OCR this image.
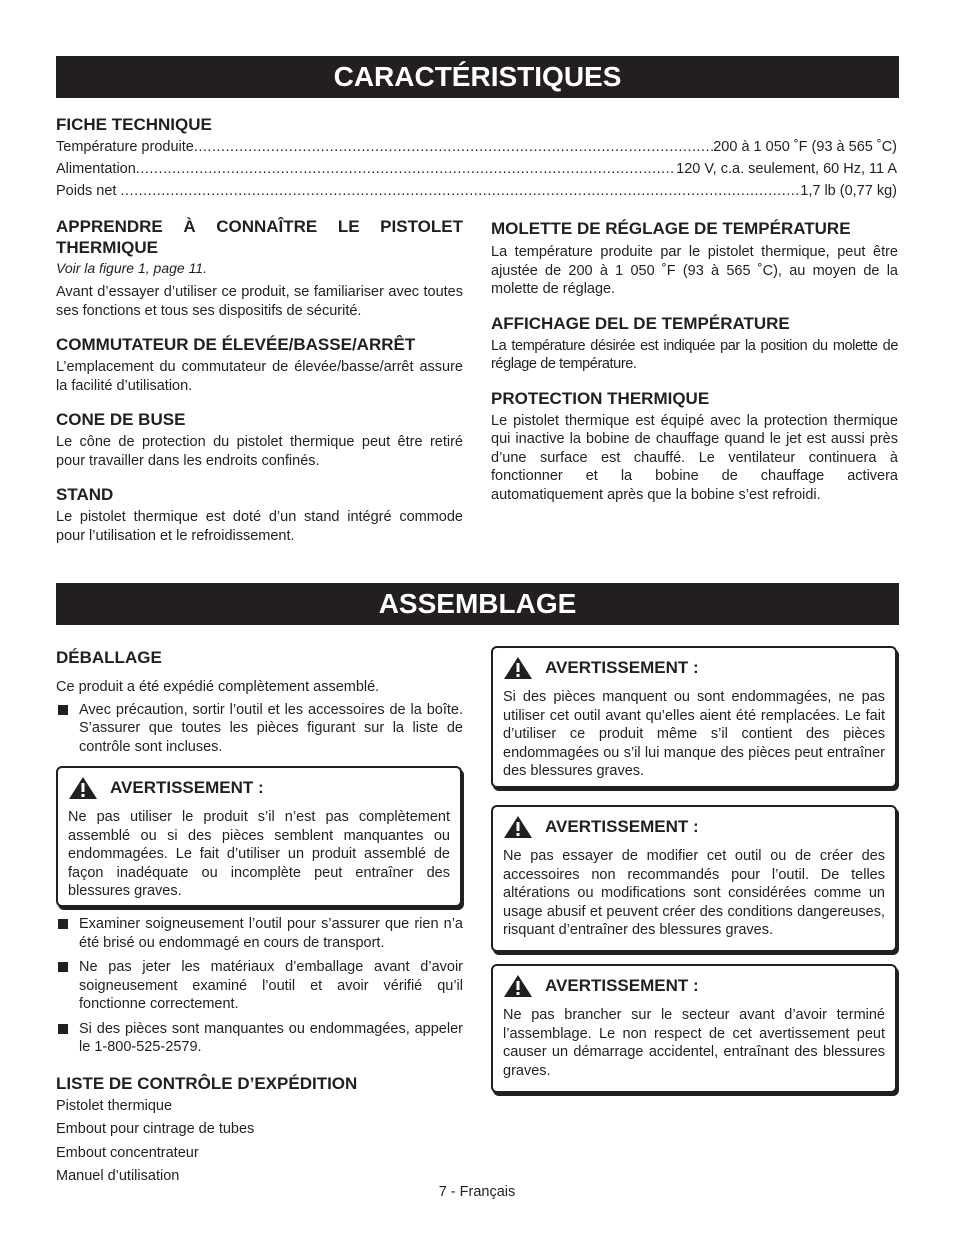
CARACTÉRISTIQUES
FICHE TECHNIQUE
Température produite .....	200 à 1 050 ˚F (93 à 565 ˚C)
Alimentation .....	120 V, c.a. seulement, 60 Hz, 11 A
Poids net .....	1,7 lb (0,77 kg)
APPRENDRE À CONNAÎTRE LE PISTOLET
THERMIQUE
Voir la figure 1, page 11.

Avant d’essayer d’utiliser ce produit, se familiariser avec toutes ses fonctions et tous ses dispositifs de sécurité.

COMMUTATEUR DE ÉLEVÉE/BASSE/ARRÊT

L’emplacement du commutateur de élevée/basse/arrêt assure la facilité d’utilisation.

CONE DE BUSE

Le cône de protection du pistolet thermique peut être retiré pour travailler dans les endroits confinés.

STAND

Le pistolet thermique est doté d’un stand intégré commode pour l’utilisation et le refroidissement.

MOLETTE DE RÉGLAGE DE TEMPÉRATURE

La température produite par le pistolet thermique, peut être ajustée de 200 à 1 050 ˚F (93 à 565 ˚C), au moyen de la molette de réglage.

AFFICHAGE DEL DE TEMPÉRATURE

La température désirée est indiquée par la position du molette de réglage de température.

PROTECTION THERMIQUE

Le pistolet thermique est équipé avec la protection thermique qui inactive la bobine de chauffage quand le jet est aussi près d’une surface est chauffé. Le ventilateur continuera à fonctionner et la bobine de chauffage activera automatiquement après que la bobine s’est refroidi.

ASSEMBLAGE
DÉBALLAGE

Ce produit a été expédié complètement assemblé.

Avec précaution, sortir l’outil et les accessoires de la boîte. S’assurer que toutes les pièces figurant sur la liste de contrôle sont incluses.
AVERTISSEMENT :

Ne pas utiliser le produit s’il n’est pas complètement assemblé ou si des pièces semblent manquantes ou endommagées. Le fait d’utiliser un produit assemblé de façon inadéquate ou incomplète peut entraîner des blessures graves.

Examiner soigneusement l’outil pour s’assurer que rien n’a été brisé ou endommagé en cours de transport.
Ne pas jeter les matériaux d’emballage avant d’avoir soigneusement examiné l’outil et avoir vérifié qu’il fonctionne correctement.
Si des pièces sont manquantes ou endommagées, appeler le 1-800-525-2579.
LISTE DE CONTRÔLE D’EXPÉDITION
Pistolet thermique
Embout pour cintrage de tubes
Embout concentrateur
Manuel d’utilisation
AVERTISSEMENT :

Si des pièces manquent ou sont endommagées, ne pas utiliser cet outil avant qu’elles aient été remplacées. Le fait d’utiliser ce produit même s’il contient des pièces endommagées ou s’il lui manque des pièces peut entraîner des blessures graves.

AVERTISSEMENT :

Ne pas essayer de modifier cet outil ou de créer des accessoires non recommandés pour l’outil. De telles altérations ou modifications sont considérées comme un usage abusif et peuvent créer des conditions dangereuses, risquant d’entraîner des blessures graves.

AVERTISSEMENT :

Ne pas brancher sur le secteur avant d’avoir terminé l’assemblage. Le non respect de cet avertissement peut causer un démarrage accidentel, entraînant des blessures graves.

7 - Français
